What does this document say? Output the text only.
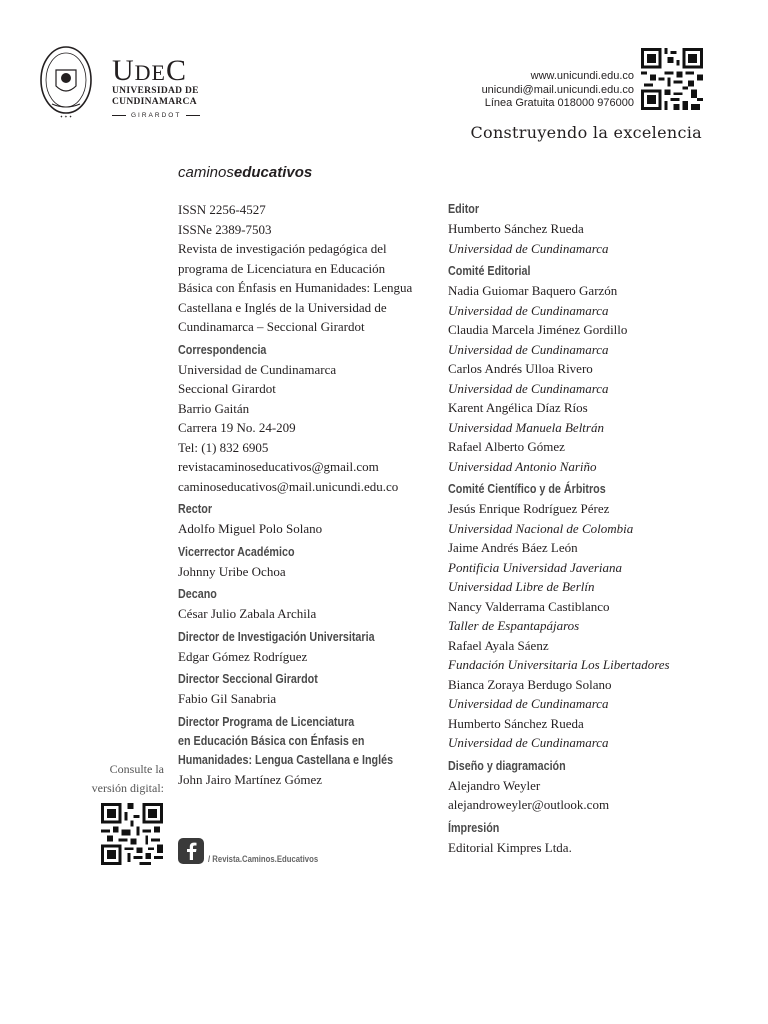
✦ ✦ ✦
UDEC
UNIVERSIDAD DE
CUNDINAMARCA
GIRARDOT
www.unicundi.edu.co
unicundi@mail.unicundi.edu.co
Línea Gratuita 018000 976000
Construyendo la excelencia
caminoseducativos
ISSN 2256-4527
ISSNe 2389-7503
Revista de investigación pedagógica del
programa de Licenciatura en Educación
Básica con Énfasis en Humanidades: Lengua
Castellana e Inglés de la Universidad de
Cundinamarca – Seccional Girardot
Correspondencia
Universidad de Cundinamarca
Seccional Girardot
Barrio Gaitán
Carrera 19 No. 24-209
Tel: (1) 832 6905
revistacaminoseducativos@gmail.com
caminoseducativos@mail.unicundi.edu.co
Rector
Adolfo Miguel Polo Solano
Vicerrector Académico
Johnny Uribe Ochoa
Decano
César Julio Zabala Archila
Director de Investigación Universitaria
Edgar Gómez Rodríguez
Director Seccional Girardot
Fabio Gil Sanabria
Director Programa de Licenciatura
en Educación Básica con Énfasis en
Humanidades: Lengua Castellana e Inglés
John Jairo Martínez Gómez
Consulte la
versión digital:
/ Revista.Caminos.Educativos
Editor
Humberto Sánchez Rueda
Universidad de Cundinamarca
Comité Editorial
Nadia Guiomar Baquero Garzón
Universidad de Cundinamarca
Claudia Marcela Jiménez Gordillo
Universidad de Cundinamarca
Carlos Andrés Ulloa Rivero
Universidad de Cundinamarca
Karent Angélica Díaz Ríos
Universidad Manuela Beltrán
Rafael Alberto Gómez
Universidad Antonio Nariño
Comité Científico y de Árbitros
Jesús Enrique Rodríguez Pérez
Universidad Nacional de Colombia
Jaime Andrés Báez León
Pontificia Universidad Javeriana
Universidad Libre de Berlín
Nancy Valderrama Castiblanco
Taller de Espantapájaros
Rafael Ayala Sáenz
Fundación Universitaria Los Libertadores
Bianca Zoraya Berdugo Solano
Universidad de Cundinamarca
Humberto Sánchez Rueda
Universidad de Cundinamarca
Diseño y diagramación
Alejandro Weyler
alejandroweyler@outlook.com
Ímpresión
Editorial Kimpres Ltda.
